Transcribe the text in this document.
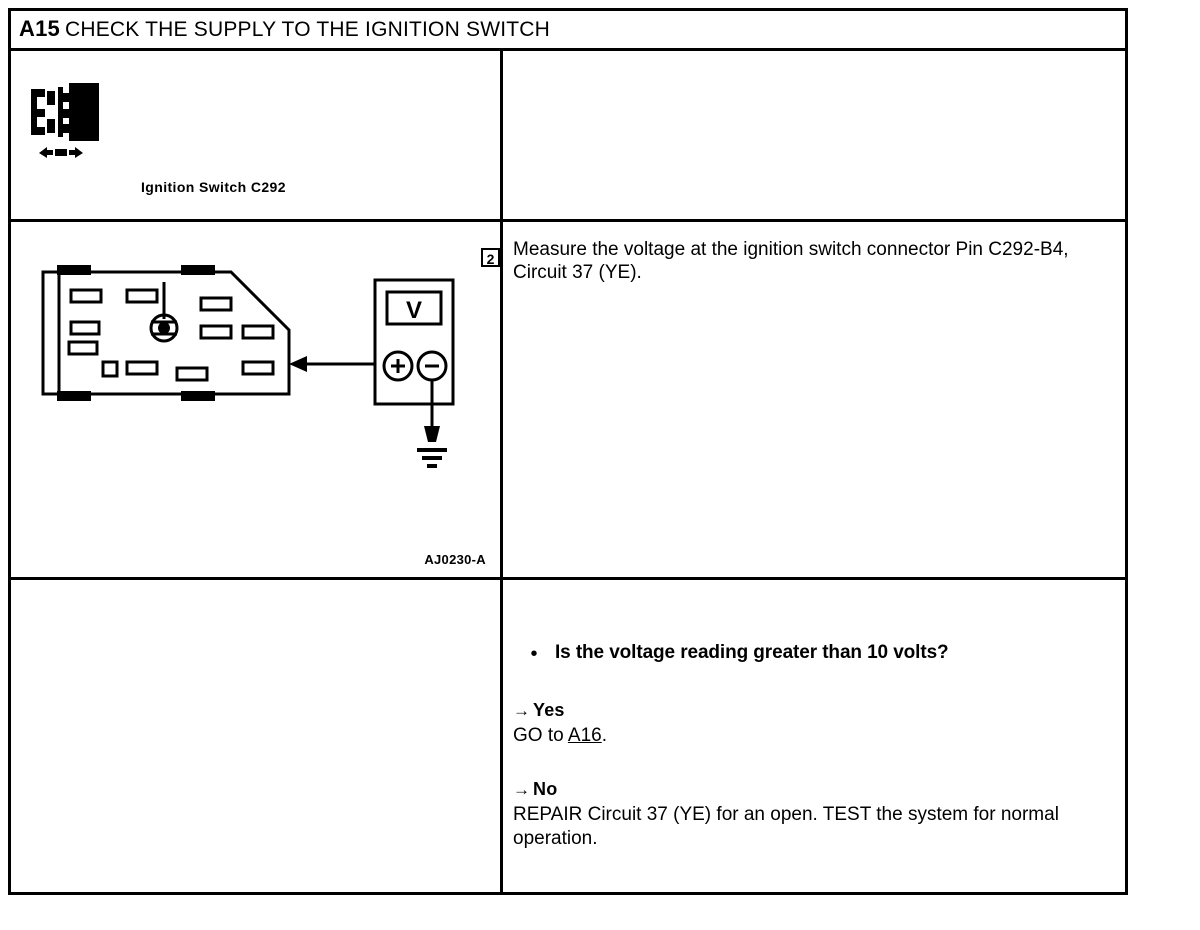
A15 CHECK THE SUPPLY TO THE IGNITION SWITCH
Ignition Switch C292
V
AJ0230-A
2 Measure the voltage at the ignition switch connector Pin C292-B4, Circuit 37 (YE).
• Is the voltage reading greater than 10 volts?
→ Yes
GO to A16.
→ No
REPAIR Circuit 37 (YE) for an open. TEST the system for normal operation.
